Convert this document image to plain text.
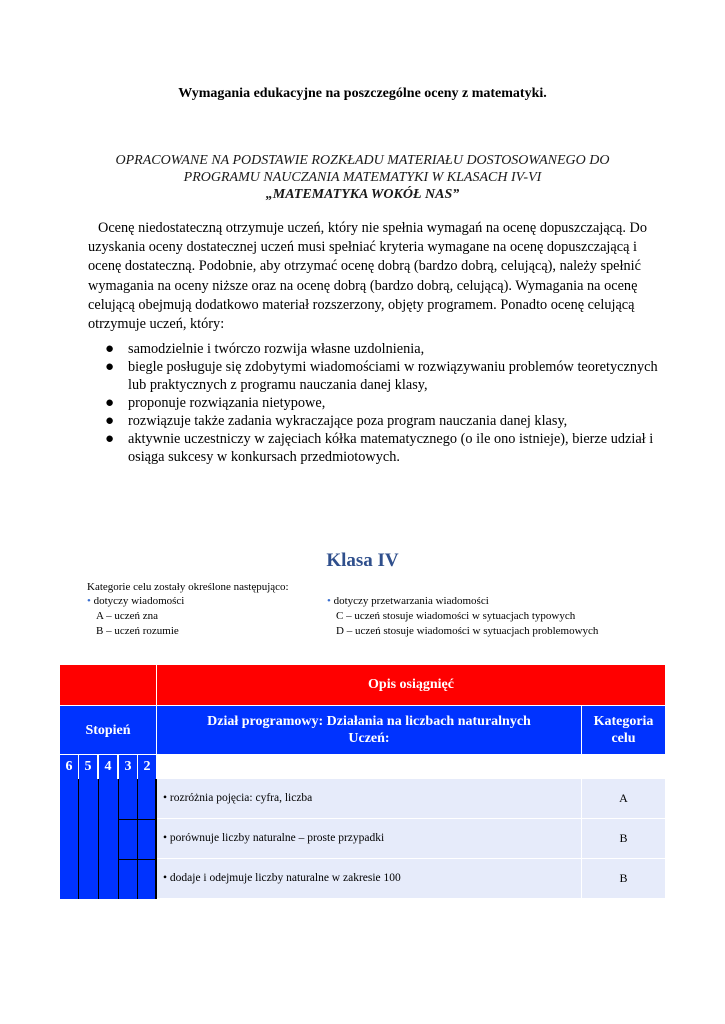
Wymagania edukacyjne na poszczególne oceny z matematyki.
OPRACOWANE NA PODSTAWIE ROZKŁADU MATERIAŁU DOSTOSOWANEGO DO
PROGRAMU NAUCZANIA MATEMATYKI W KLASACH IV-VI
„MATEMATYKA WOKÓŁ NAS”
Ocenę niedostateczną otrzymuje uczeń, który nie spełnia wymagań na ocenę dopuszczającą. Do uzyskania oceny dostatecznej uczeń musi spełniać kryteria wymagane na ocenę dopuszczającą i ocenę dostateczną. Podobnie, aby otrzymać ocenę dobrą (bardzo dobrą, celującą), należy spełnić wymagania na oceny niższe oraz na ocenę dobrą (bardzo dobrą, celującą). Wymagania na ocenę celującą obejmują dodatkowo materiał rozszerzony, objęty programem. Ponadto ocenę celującą otrzymuje uczeń, który:
● samodzielnie i twórczo rozwija własne uzdolnienia,
● biegle posługuje się zdobytymi wiadomościami w rozwiązywaniu problemów teoretycznych lub praktycznych z programu nauczania danej klasy,
● proponuje rozwiązania nietypowe,
● rozwiązuje także zadania wykraczające poza program nauczania danej klasy,
● aktywnie uczestniczy w zajęciach kółka matematycznego (o ile ono istnieje), bierze udział i osiąga sukcesy w konkursach przedmiotowych.
Klasa IV
Kategorie celu zostały określone następująco:
• dotyczy wiadomości
A – uczeń zna
B – uczeń rozumie
• dotyczy przetwarzania wiadomości
C – uczeń stosuje wiadomości w sytuacjach typowych
D – uczeń stosuje wiadomości w sytuacjach problemowych
Opis osiągnięć
Stopień
Dział programowy: Działania na liczbach naturalnych
Uczeń:
Kategoria
celu
6 5 4 3 2
• rozróżnia pojęcia: cyfra, liczba	A
• porównuje liczby naturalne – proste przypadki	B
• dodaje i odejmuje liczby naturalne w zakresie 100	B
